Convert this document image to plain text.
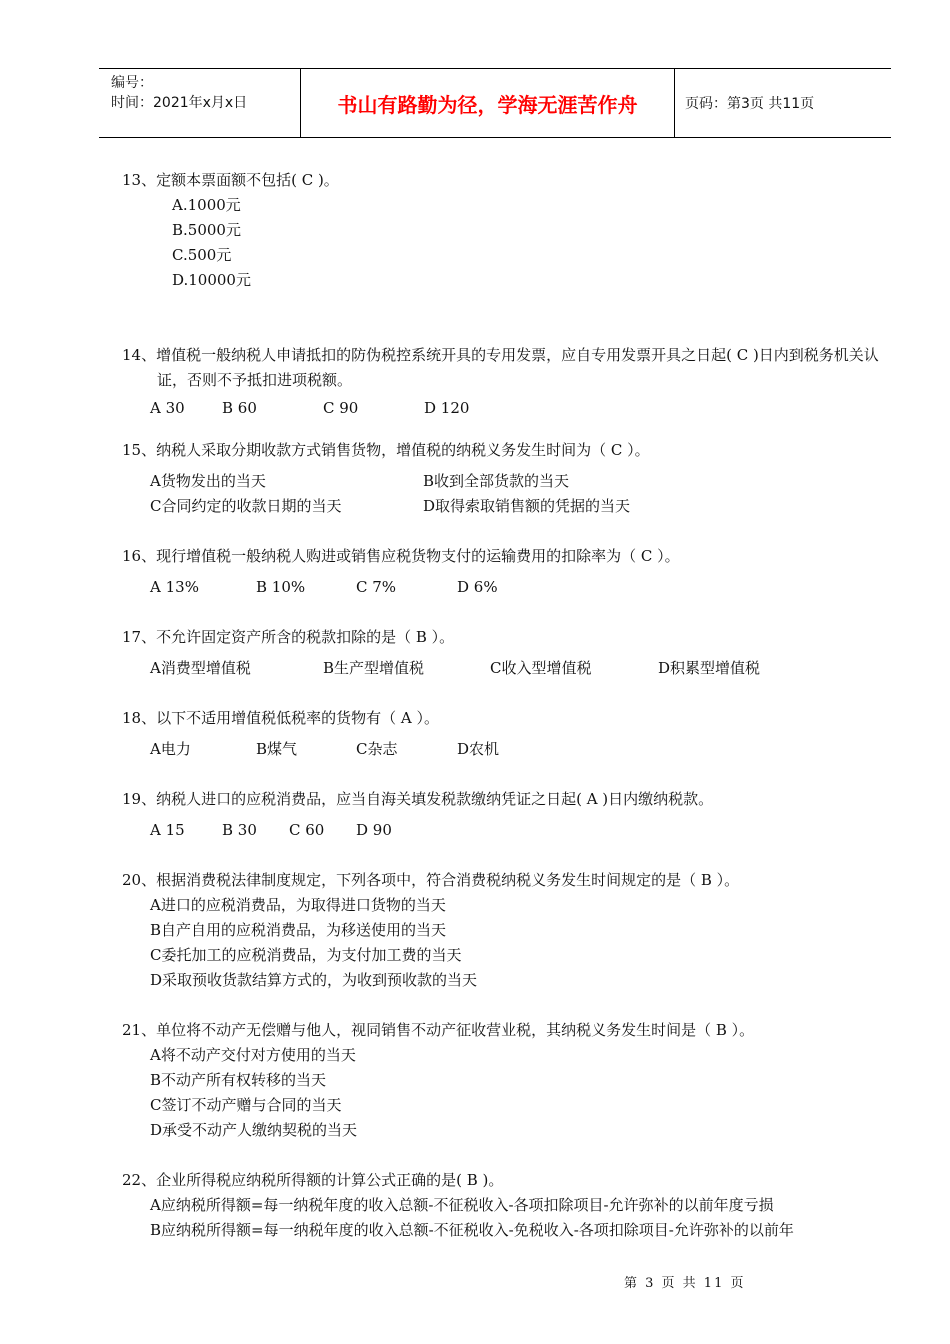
编号：
时间：2021年x月x日	书山有路勤为径，学海无涯苦作舟	页码：第3页 共11页
13、定额本票面额不包括( C )。
A.1000元
B.5000元
C.500元
D.10000元
14、增值税一般纳税人申请抵扣的防伪税控系统开具的专用发票，应自专用发票开具之日起( C )日内到税务机关认证，否则不予抵扣进项税额。
A 30	B 60	C 90	D 120
15、纳税人采取分期收款方式销售货物，增值税的纳税义务发生时间为（ C ）。
A货物发出的当天	B收到全部货款的当天
C合同约定的收款日期的当天	D取得索取销售额的凭据的当天
16、现行增值税一般纳税人购进或销售应税货物支付的运输费用的扣除率为（ C ）。
A 13%	B 10%	C 7%	D 6%
17、不允许固定资产所含的税款扣除的是（ B ）。
A消费型增值税	B生产型增值税	C收入型增值税	D积累型增值税
18、以下不适用增值税低税率的货物有（ A ）。
A电力	B煤气	C杂志	D农机
19、纳税人进口的应税消费品，应当自海关填发税款缴纳凭证之日起( A )日内缴纳税款。
A 15	B 30	C 60	D 90
20、根据消费税法律制度规定，下列各项中，符合消费税纳税义务发生时间规定的是（ B ）。
A进口的应税消费品，为取得进口货物的当天
B自产自用的应税消费品，为移送使用的当天
C委托加工的应税消费品，为支付加工费的当天
D采取预收货款结算方式的，为收到预收款的当天
21、单位将不动产无偿赠与他人，视同销售不动产征收营业税，其纳税义务发生时间是（ B ）。
A将不动产交付对方使用的当天
B不动产所有权转移的当天
C签订不动产赠与合同的当天
D承受不动产人缴纳契税的当天
22、企业所得税应纳税所得额的计算公式正确的是( B )。
A应纳税所得额=每一纳税年度的收入总额-不征税收入-各项扣除项目-允许弥补的以前年度亏损
B应纳税所得额=每一纳税年度的收入总额-不征税收入-免税收入-各项扣除项目-允许弥补的以前年
第 3 页 共 11 页
